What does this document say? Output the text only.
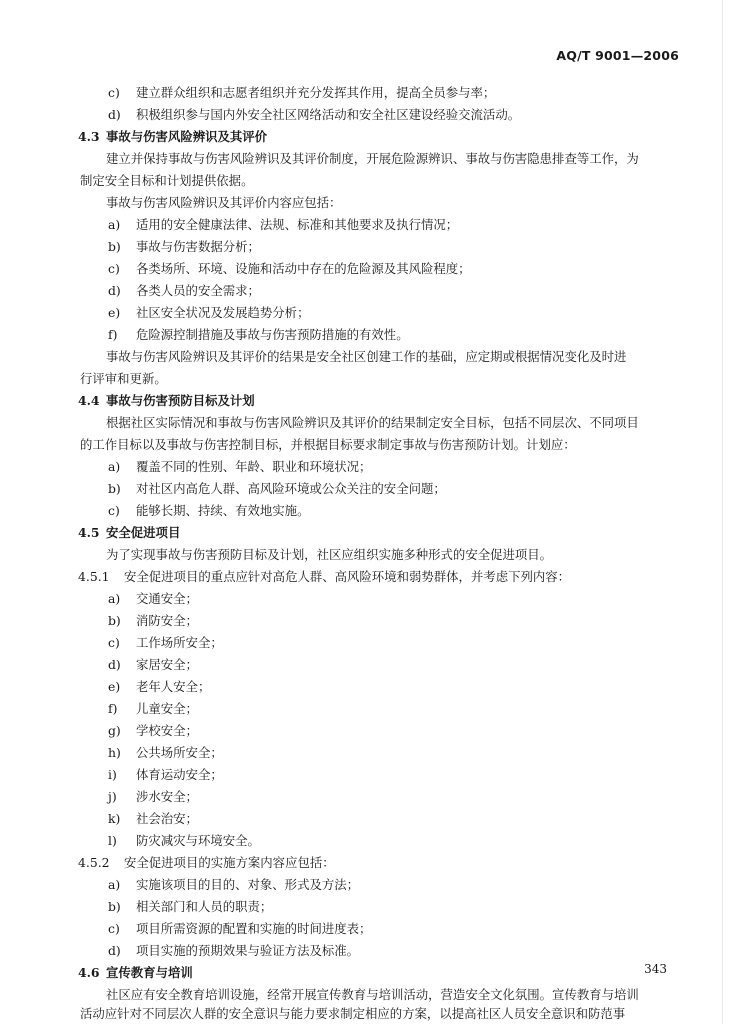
AQ/T 9001—2006
c) 建立群众组织和志愿者组织并充分发挥其作用，提高全员参与率；
d) 积极组织参与国内外安全社区网络活动和安全社区建设经验交流活动。
4.3 事故与伤害风险辨识及其评价
建立并保持事故与伤害风险辨识及其评价制度，开展危险源辨识、事故与伤害隐患排查等工作，为
制定安全目标和计划提供依据。
事故与伤害风险辨识及其评价内容应包括：
a) 适用的安全健康法律、法规、标准和其他要求及执行情况；
b) 事故与伤害数据分析；
c) 各类场所、环境、设施和活动中存在的危险源及其风险程度；
d) 各类人员的安全需求；
e) 社区安全状况及发展趋势分析；
f) 危险源控制措施及事故与伤害预防措施的有效性。
事故与伤害风险辨识及其评价的结果是安全社区创建工作的基础，应定期或根据情况变化及时进
行评审和更新。
4.4 事故与伤害预防目标及计划
根据社区实际情况和事故与伤害风险辨识及其评价的结果制定安全目标，包括不同层次、不同项目
的工作目标以及事故与伤害控制目标，并根据目标要求制定事故与伤害预防计划。计划应：
a) 覆盖不同的性别、年龄、职业和环境状况；
b) 对社区内高危人群、高风险环境或公众关注的安全问题；
c) 能够长期、持续、有效地实施。
4.5 安全促进项目
为了实现事故与伤害预防目标及计划，社区应组织实施多种形式的安全促进项目。
4.5.1 安全促进项目的重点应针对高危人群、高风险环境和弱势群体，并考虑下列内容：
a) 交通安全；
b) 消防安全；
c) 工作场所安全；
d) 家居安全；
e) 老年人安全；
f) 儿童安全；
g) 学校安全；
h) 公共场所安全；
i) 体育运动安全；
j) 涉水安全；
k) 社会治安；
l) 防灾减灾与环境安全。
4.5.2 安全促进项目的实施方案内容应包括：
a) 实施该项目的目的、对象、形式及方法；
b) 相关部门和人员的职责；
c) 项目所需资源的配置和实施的时间进度表；
d) 项目实施的预期效果与验证方法及标准。
4.6 宣传教育与培训
社区应有安全教育培训设施，经常开展宣传教育与培训活动，营造安全文化氛围。宣传教育与培训
活动应针对不同层次人群的安全意识与能力要求制定相应的方案，以提高社区人员安全意识和防范事
343
